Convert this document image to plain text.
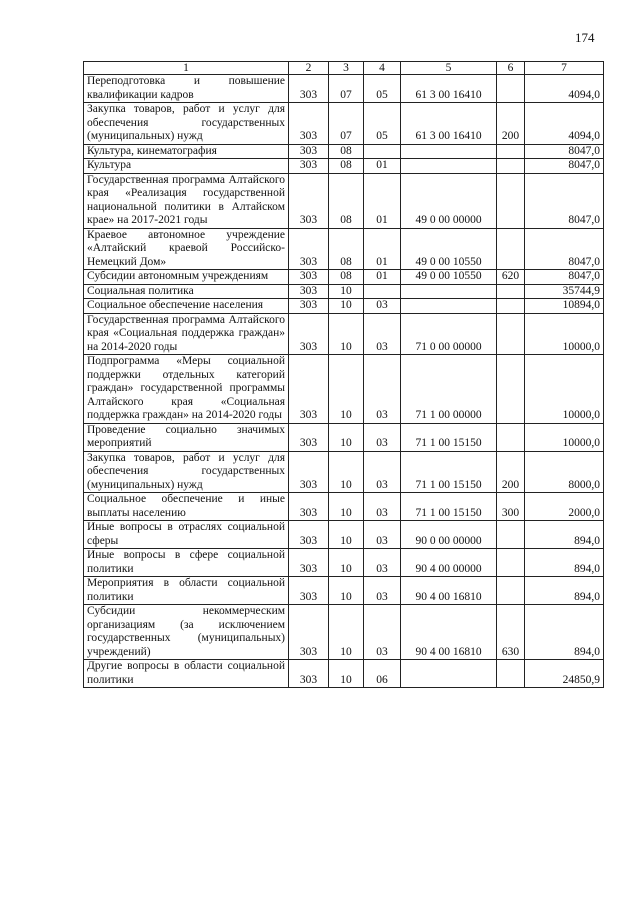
174
1	2	3	4	5	6	7
Переподготовка и повышение квалификации кадров	303	07	05	61 3 00 16410		4094,0
Закупка товаров, работ и услуг для обеспечения государственных (муниципальных) нужд	303	07	05	61 3 00 16410	200	4094,0
Культура, кинематография	303	08				8047,0
Культура	303	08	01			8047,0
Государственная программа Алтайского края «Реализация государственной национальной политики в Алтайском крае» на 2017-2021 годы	303	08	01	49 0 00 00000		8047,0
Краевое автономное учреждение «Алтайский краевой Российско-Немецкий Дом»	303	08	01	49 0 00 10550		8047,0
Субсидии автономным учреждениям	303	08	01	49 0 00 10550	620	8047,0
Социальная политика	303	10				35744,9
Социальное обеспечение населения	303	10	03			10894,0
Государственная программа Алтайского края «Социальная поддержка граждан» на 2014-2020 годы	303	10	03	71 0 00 00000		10000,0
Подпрограмма «Меры социальной поддержки отдельных категорий граждан» государственной программы Алтайского края «Социальная поддержка граждан» на 2014-2020 годы	303	10	03	71 1 00 00000		10000,0
Проведение социально значимых мероприятий	303	10	03	71 1 00 15150		10000,0
Закупка товаров, работ и услуг для обеспечения государственных (муниципальных) нужд	303	10	03	71 1 00 15150	200	8000,0
Социальное обеспечение и иные выплаты населению	303	10	03	71 1 00 15150	300	2000,0
Иные вопросы в отраслях социальной сферы	303	10	03	90 0 00 00000		894,0
Иные вопросы в сфере социальной политики	303	10	03	90 4 00 00000		894,0
Мероприятия в области социальной политики	303	10	03	90 4 00 16810		894,0
Субсидии некоммерческим организациям (за исключением государственных (муниципальных) учреждений)	303	10	03	90 4 00 16810	630	894,0
Другие вопросы в области социальной политики	303	10	06			24850,9
